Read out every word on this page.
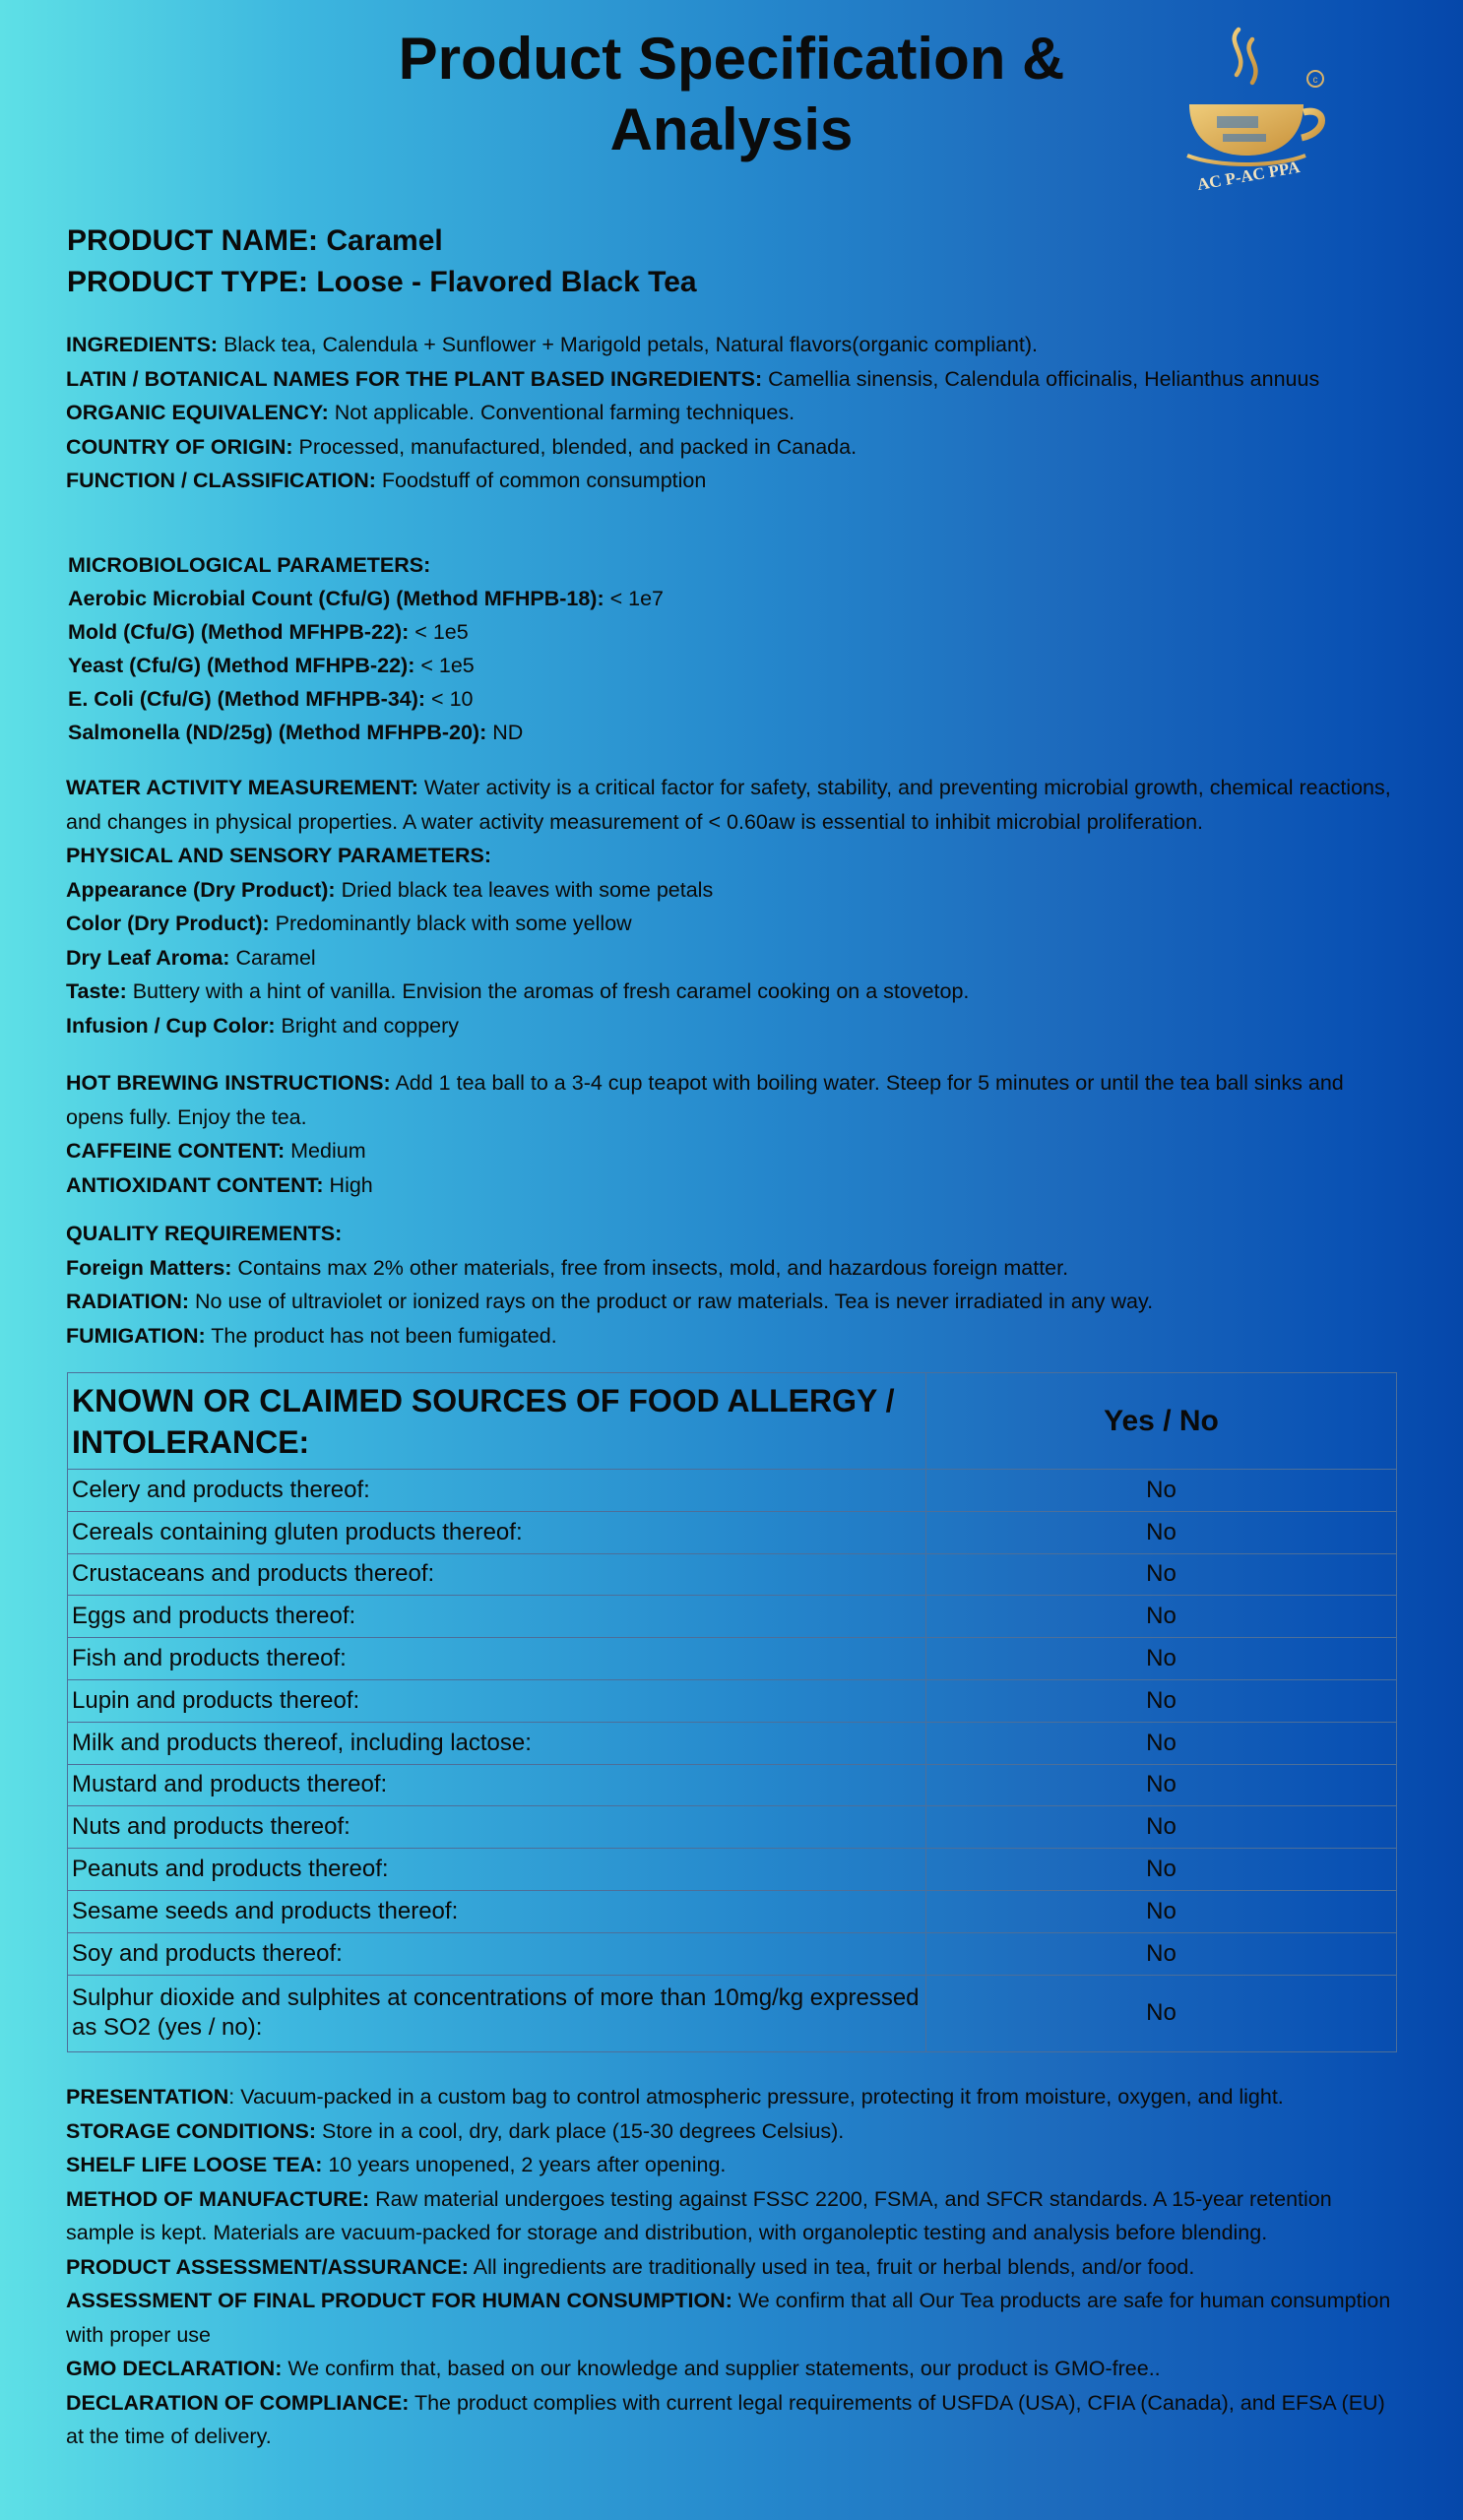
Product Specification &
Analysis
c
AC P-AC PPA
PRODUCT NAME: Caramel
PRODUCT TYPE: Loose - Flavored Black Tea

INGREDIENTS: Black tea, Calendula + Sunflower + Marigold petals, Natural flavors(organic compliant).

LATIN / BOTANICAL NAMES FOR THE PLANT BASED INGREDIENTS: Camellia sinensis, Calendula officinalis, Helianthus annuus

ORGANIC EQUIVALENCY: Not applicable. Conventional farming techniques.

COUNTRY OF ORIGIN: Processed, manufactured, blended, and packed in Canada.

FUNCTION / CLASSIFICATION: Foodstuff of common consumption

MICROBIOLOGICAL PARAMETERS:

Aerobic Microbial Count (Cfu/G) (Method MFHPB-18): < 1e7

Mold (Cfu/G) (Method MFHPB-22): < 1e5

Yeast (Cfu/G) (Method MFHPB-22): < 1e5

E. Coli (Cfu/G) (Method MFHPB-34): < 10

Salmonella (ND/25g) (Method MFHPB-20): ND

WATER ACTIVITY MEASUREMENT: Water activity is a critical factor for safety, stability, and preventing microbial growth, chemical reactions, and changes in physical properties. A water activity measurement of < 0.60aw is essential to inhibit microbial proliferation.

PHYSICAL AND SENSORY PARAMETERS:

Appearance (Dry Product): Dried black tea leaves with some petals

Color (Dry Product): Predominantly black with some yellow

Dry Leaf Aroma: Caramel

Taste: Buttery with a hint of vanilla. Envision the aromas of fresh caramel cooking on a stovetop.

Infusion / Cup Color: Bright and coppery

HOT BREWING INSTRUCTIONS: Add 1 tea ball to a 3-4 cup teapot with boiling water. Steep for 5 minutes or until the tea ball sinks and opens fully. Enjoy the tea.

CAFFEINE CONTENT: Medium

ANTIOXIDANT CONTENT: High

QUALITY REQUIREMENTS:

Foreign Matters: Contains max 2% other materials, free from insects, mold, and hazardous foreign matter.

RADIATION: No use of ultraviolet or ionized rays on the product or raw materials. Tea is never irradiated in any way.

FUMIGATION: The product has not been fumigated.

KNOWN OR CLAIMED SOURCES OF FOOD ALLERGY / INTOLERANCE:	Yes / No
Celery and products thereof:	No
Cereals containing gluten products thereof:	No
Crustaceans and products thereof:	No
Eggs and products thereof:	No
Fish and products thereof:	No
Lupin and products thereof:	No
Milk and products thereof, including lactose:	No
Mustard and products thereof:	No
Nuts and products thereof:	No
Peanuts and products thereof:	No
Sesame seeds and products thereof:	No
Soy and products thereof:	No
Sulphur dioxide and sulphites at concentrations of more than 10mg/kg expressed as SO2 (yes / no):	No

PRESENTATION: Vacuum-packed in a custom bag to control atmospheric pressure, protecting it from moisture, oxygen, and light.

STORAGE CONDITIONS: Store in a cool, dry, dark place (15-30 degrees Celsius).

SHELF LIFE LOOSE TEA: 10 years unopened, 2 years after opening.

METHOD OF MANUFACTURE: Raw material undergoes testing against FSSC 2200, FSMA, and SFCR standards. A 15-year retention sample is kept. Materials are vacuum-packed for storage and distribution, with organoleptic testing and analysis before blending.

PRODUCT ASSESSMENT/ASSURANCE: All ingredients are traditionally used in tea, fruit or herbal blends, and/or food.

ASSESSMENT OF FINAL PRODUCT FOR HUMAN CONSUMPTION: We confirm that all Our Tea products are safe for human consumption with proper use

GMO DECLARATION: We confirm that, based on our knowledge and supplier statements, our product is GMO-free..

DECLARATION OF COMPLIANCE: The product complies with current legal requirements of USFDA (USA), CFIA (Canada), and EFSA (EU) at the time of delivery.
